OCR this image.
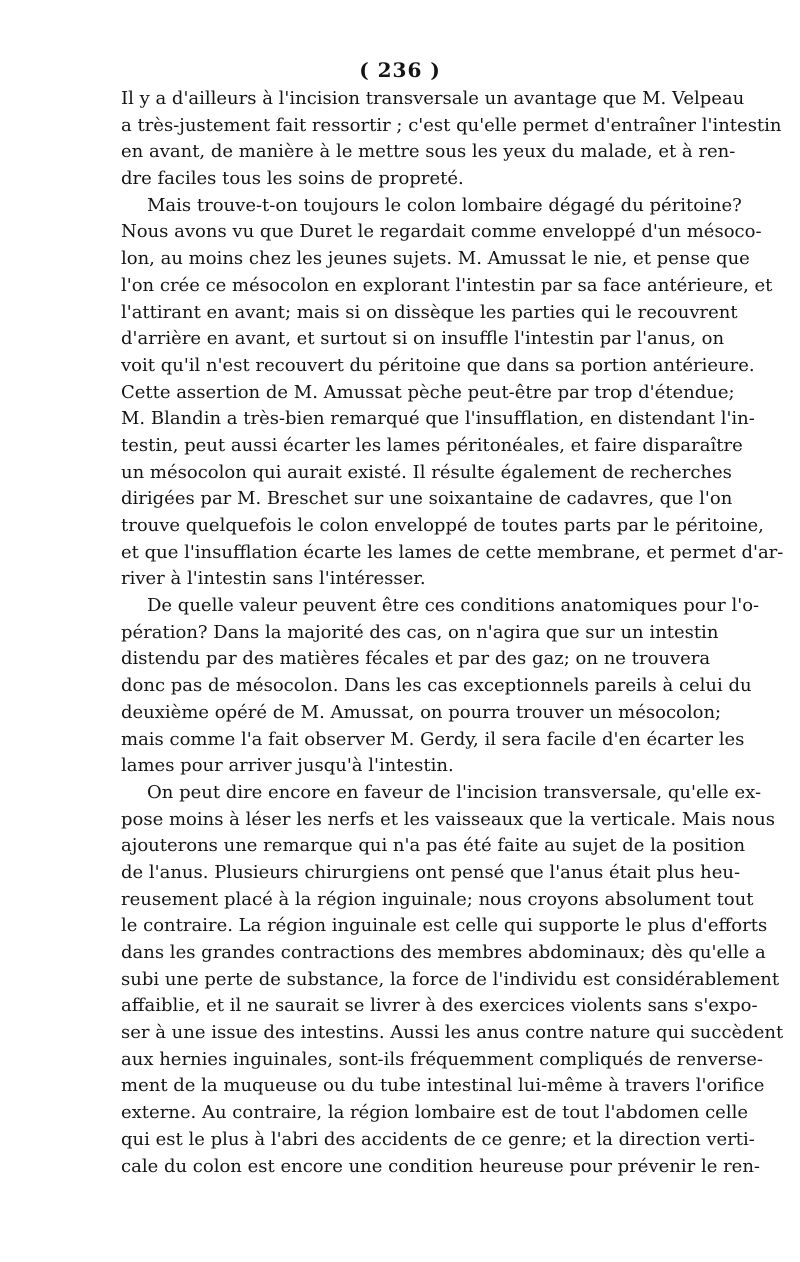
( 236 )
Il y a d'ailleurs à l'incision transversale un avantage que M. Velpeau
a très-justement fait ressortir ; c'est qu'elle permet d'entraîner l'intestin
en avant, de manière à le mettre sous les yeux du malade, et à ren-
dre faciles tous les soins de propreté.
Mais trouve-t-on toujours le colon lombaire dégagé du péritoine?
Nous avons vu que Duret le regardait comme enveloppé d'un mésoco-
lon, au moins chez les jeunes sujets. M. Amussat le nie, et pense que
l'on crée ce mésocolon en explorant l'intestin par sa face antérieure, et
l'attirant en avant; mais si on dissèque les parties qui le recouvrent
d'arrière en avant, et surtout si on insuffle l'intestin par l'anus, on
voit qu'il n'est recouvert du péritoine que dans sa portion antérieure.
Cette assertion de M. Amussat pèche peut-être par trop d'étendue;
M. Blandin a très-bien remarqué que l'insufflation, en distendant l'in-
testin, peut aussi écarter les lames péritonéales, et faire disparaître
un mésocolon qui aurait existé. Il résulte également de recherches
dirigées par M. Breschet sur une soixantaine de cadavres, que l'on
trouve quelquefois le colon enveloppé de toutes parts par le péritoine,
et que l'insufflation écarte les lames de cette membrane, et permet d'ar-
river à l'intestin sans l'intéresser.
De quelle valeur peuvent être ces conditions anatomiques pour l'o-
pération? Dans la majorité des cas, on n'agira que sur un intestin
distendu par des matières fécales et par des gaz; on ne trouvera
donc pas de mésocolon. Dans les cas exceptionnels pareils à celui du
deuxième opéré de M. Amussat, on pourra trouver un mésocolon;
mais comme l'a fait observer M. Gerdy, il sera facile d'en écarter les
lames pour arriver jusqu'à l'intestin.
On peut dire encore en faveur de l'incision transversale, qu'elle ex-
pose moins à léser les nerfs et les vaisseaux que la verticale. Mais nous
ajouterons une remarque qui n'a pas été faite au sujet de la position
de l'anus. Plusieurs chirurgiens ont pensé que l'anus était plus heu-
reusement placé à la région inguinale; nous croyons absolument tout
le contraire. La région inguinale est celle qui supporte le plus d'efforts
dans les grandes contractions des membres abdominaux; dès qu'elle a
subi une perte de substance, la force de l'individu est considérablement
affaiblie, et il ne saurait se livrer à des exercices violents sans s'expo-
ser à une issue des intestins. Aussi les anus contre nature qui succèdent
aux hernies inguinales, sont-ils fréquemment compliqués de renverse-
ment de la muqueuse ou du tube intestinal lui-même à travers l'orifice
externe. Au contraire, la région lombaire est de tout l'abdomen celle
qui est le plus à l'abri des accidents de ce genre; et la direction verti-
cale du colon est encore une condition heureuse pour prévenir le ren-
